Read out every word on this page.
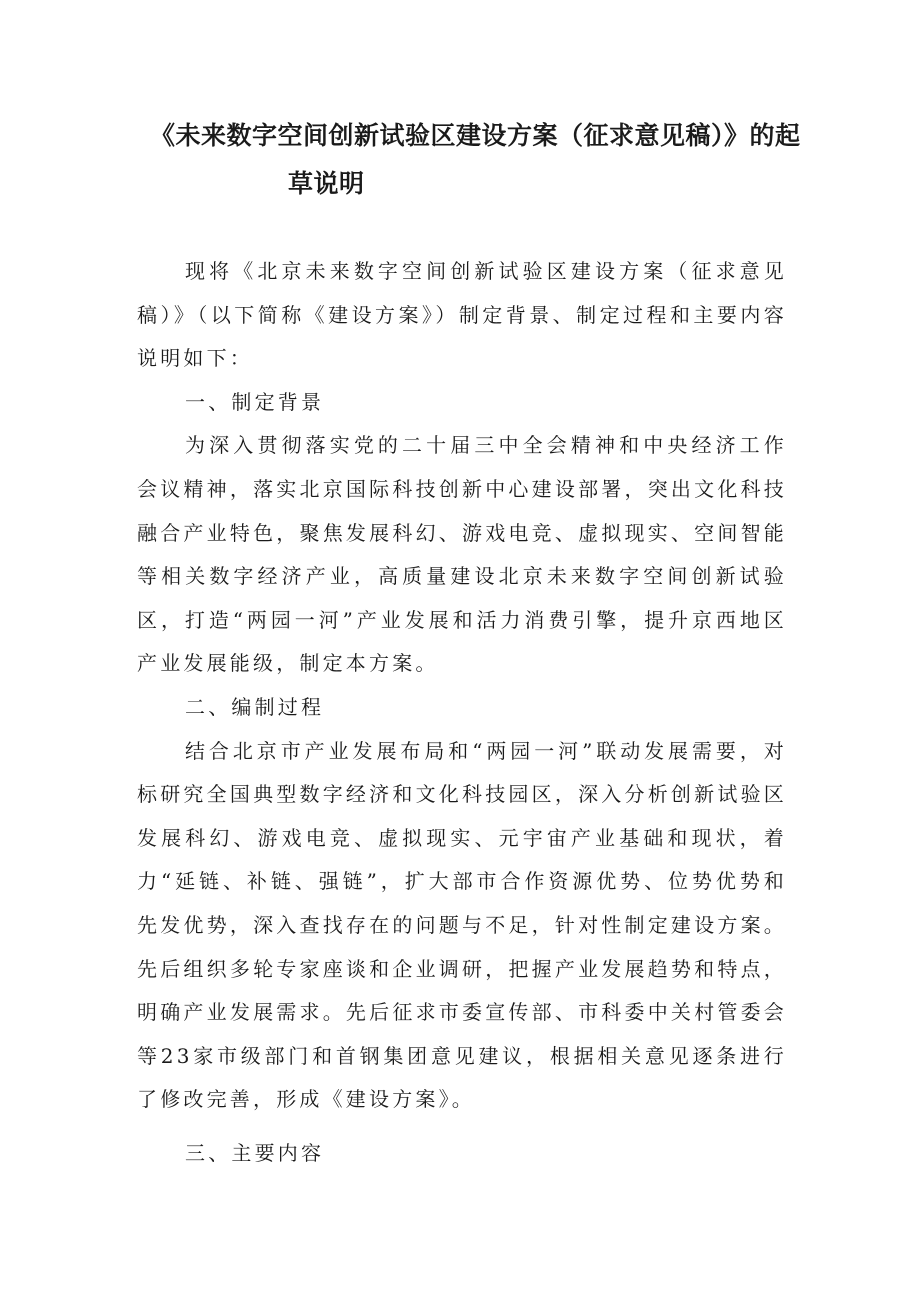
《未来数字空间创新试验区建设方案（征求意见稿）》的起
草说明

现将《北京未来数字空间创新试验区建设方案（征求意见稿）》（以下简称《建设方案》）制定背景、制定过程和主要内容说明如下：

一、制定背景

为深入贯彻落实党的二十届三中全会精神和中央经济工作会议精神，落实北京国际科技创新中心建设部署，突出文化科技融合产业特色，聚焦发展科幻、游戏电竞、虚拟现实、空间智能等相关数字经济产业，高质量建设北京未来数字空间创新试验区，打造“两园一河”产业发展和活力消费引擎，提升京西地区产业发展能级，制定本方案。

二、编制过程

结合北京市产业发展布局和“两园一河”联动发展需要，对标研究全国典型数字经济和文化科技园区，深入分析创新试验区发展科幻、游戏电竞、虚拟现实、元宇宙产业基础和现状，着力“延链、补链、强链”，扩大部市合作资源优势、位势优势和先发优势，深入查找存在的问题与不足，针对性制定建设方案。先后组织多轮专家座谈和企业调研，把握产业发展趋势和特点，明确产业发展需求。先后征求市委宣传部、市科委中关村管委会等23家市级部门和首钢集团意见建议，根据相关意见逐条进行了修改完善，形成《建设方案》。

三、主要内容
